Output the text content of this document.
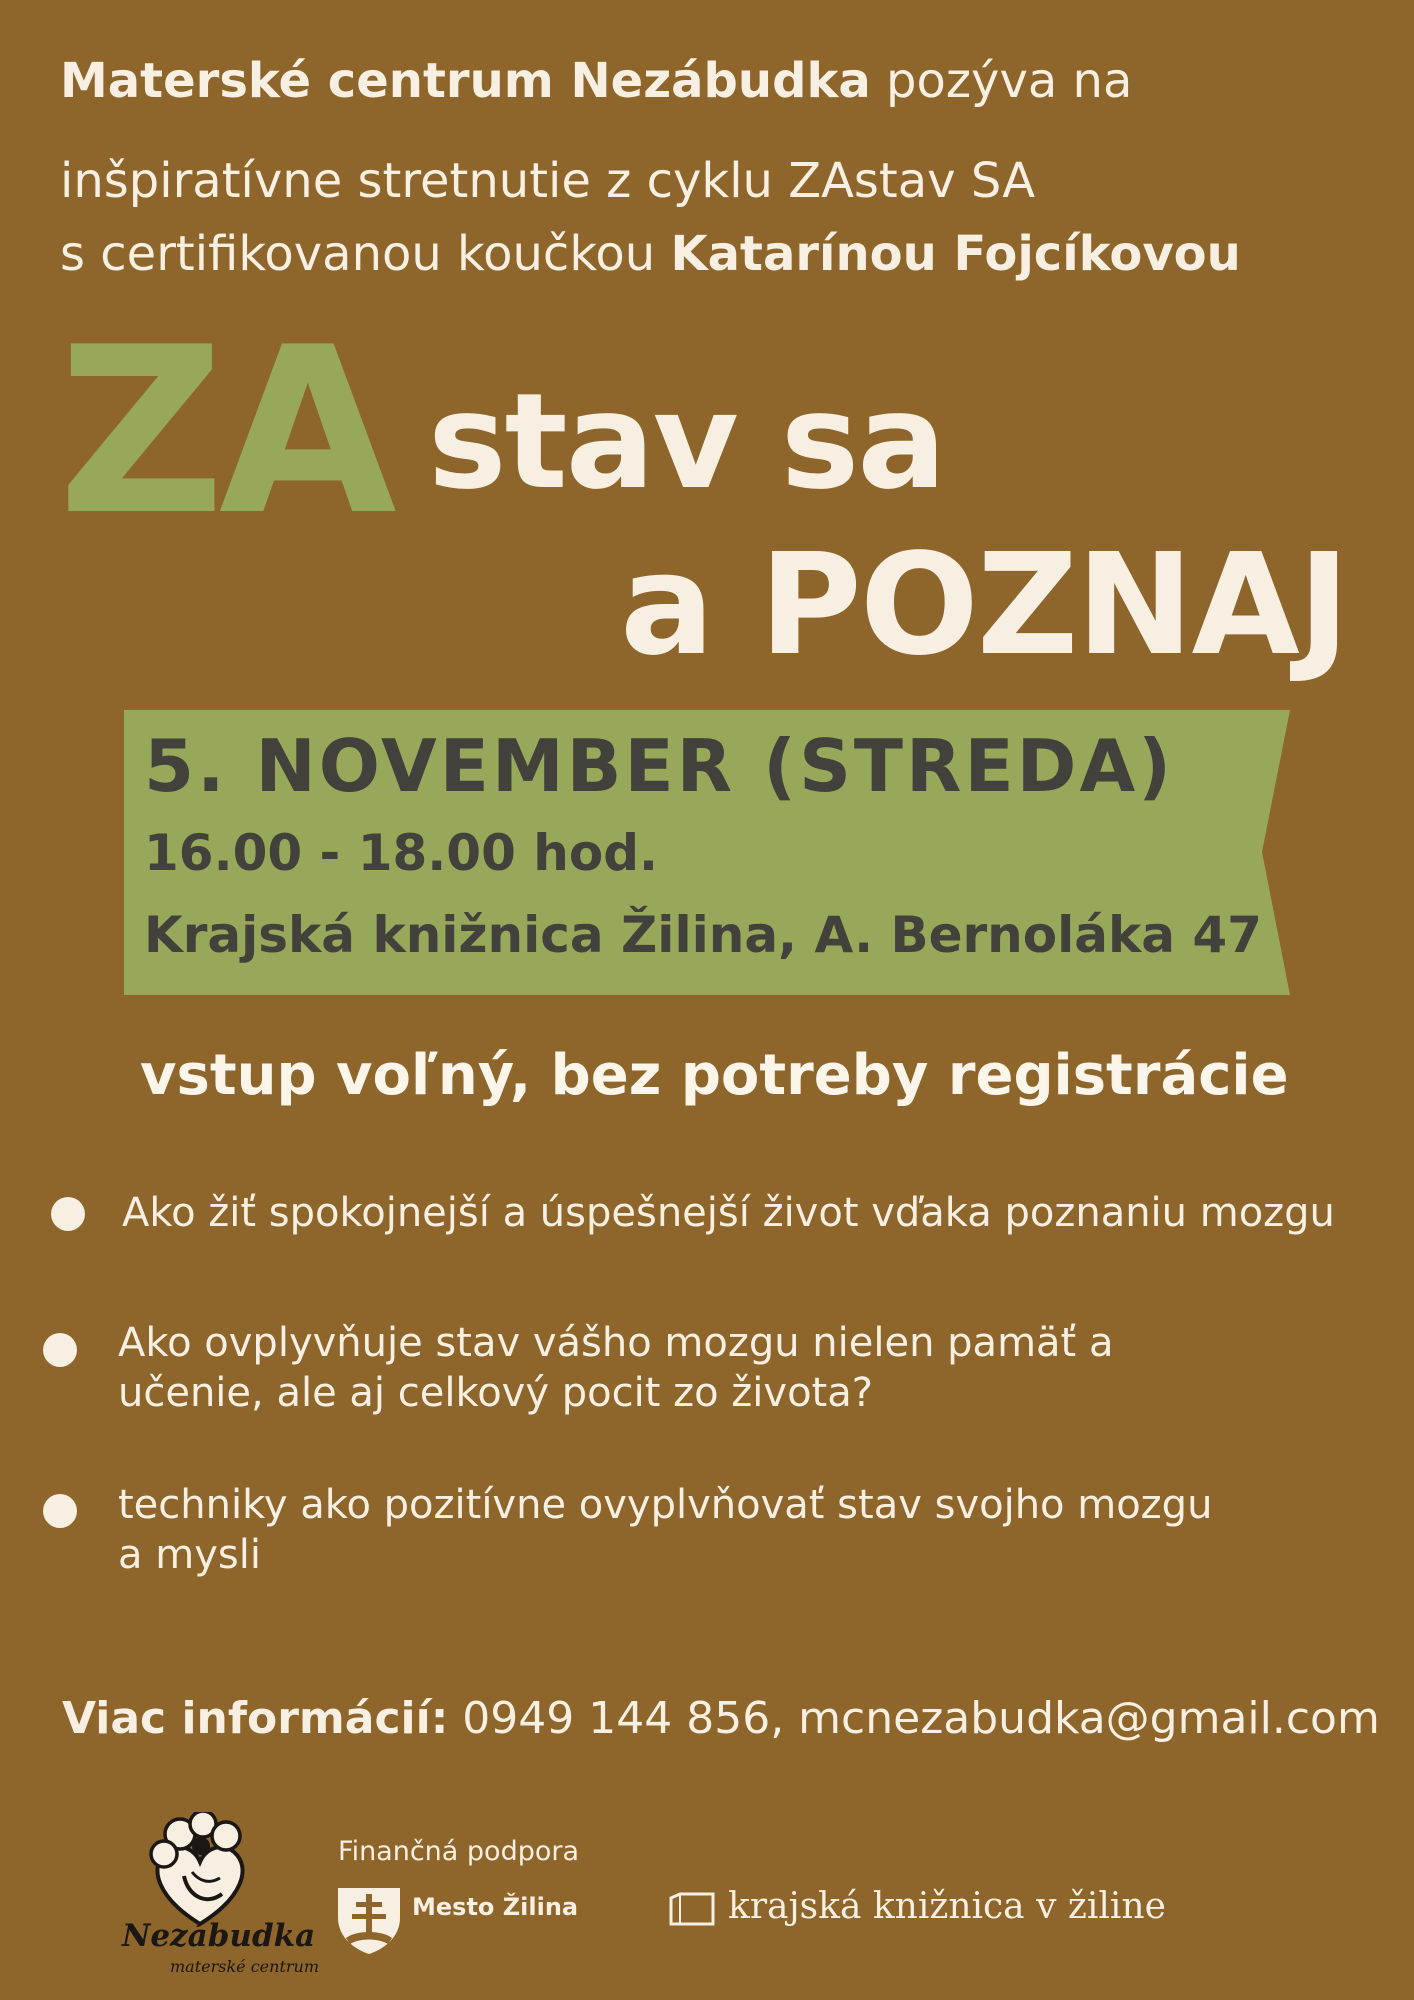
Materské centrum Nezábudka pozýva na
inšpiratívne stretnutie z cyklu ZAstav SA
s certifikovanou koučkou Katarínou Fojcíkovou
ZA stav sa
a POZNAJ
5. NOVEMBER (STREDA)
16.00 - 18.00 hod.
Krajská knižnica Žilina, A. Bernoláka 47
vstup voľný, bez potreby registrácie
Ako žiť spokojnejší a úspešnejší život vďaka poznaniu mozgu
Ako ovplyvňuje stav vášho mozgu nielen pamäť a
učenie, ale aj celkový pocit zo života?
techniky ako pozitívne ovyplvňovať stav svojho mozgu
a mysli
Viac informácií: 0949 144 856, mcnezabudka@gmail.com
Nezábudka
materské centrum
Finančná podpora
Mesto Žilina	krajská knižnica v žiline
